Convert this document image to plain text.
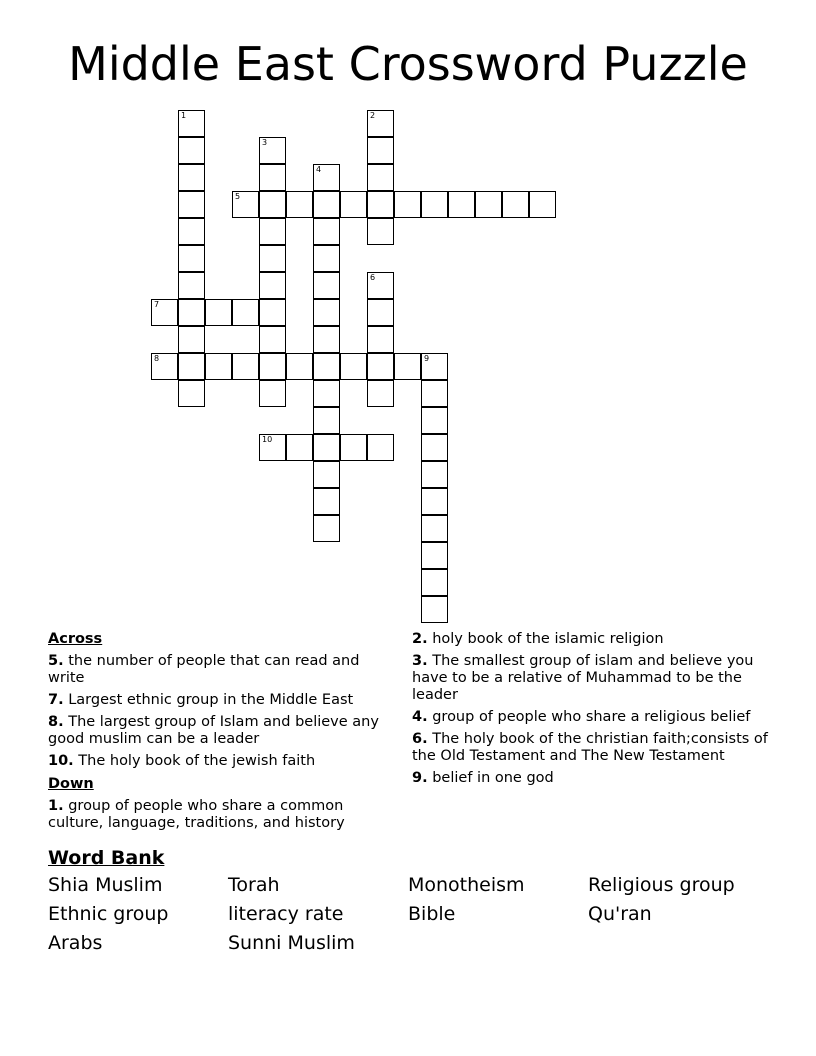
Middle East Crossword Puzzle
5
7
8	9
10
1	2
3
4
6
Across
5. the number of people that can read and write
7. Largest ethnic group in the Middle East
8. The largest group of Islam and believe any good muslim can be a leader
10. The holy book of the jewish faith
Down
1. group of people who share a common culture, language, traditions, and history
2. holy book of the islamic religion
3. The smallest group of islam and believe you have to be a relative of Muhammad to be the leader
4. group of people who share a religious belief
6. The holy book of the christian faith;consists of the Old Testament and The New Testament
9. belief in one god
Word Bank
Shia Muslim	Torah	Monotheism	Religious group
Ethnic group	literacy rate	Bible	Qu'ran
Arabs	Sunni Muslim
